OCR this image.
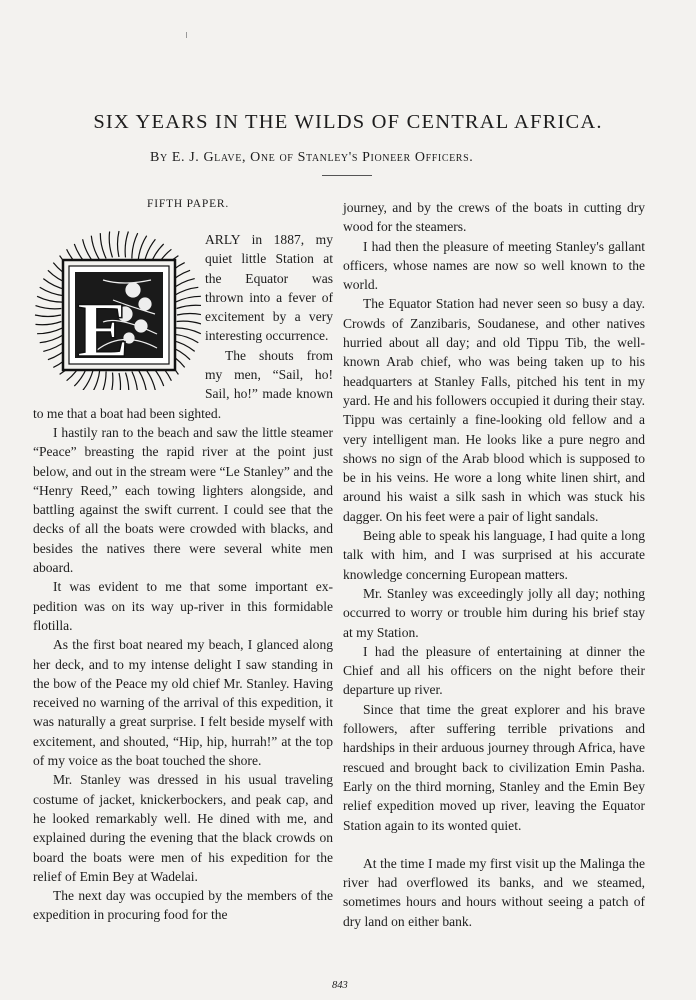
SIX YEARS IN THE WILDS OF CENTRAL AFRICA.
By E. J. Glave, One of Stanley's Pioneer Officers.
FIFTH PAPER.
E

ARLY in 1887, my quiet little Station at the Equator was thrown into a fever of excitement by a very interesting occurrence.

The shouts from my men, “Sail, ho! Sail, ho!” made known to me that a boat had been sighted.

I hastily ran to the beach and saw the little steamer “Peace” breasting the rapid river at the point just below, and out in the stream were “Le Stanley” and the “Henry Reed,” each towing lighters alongside, and battling against the swift current. I could see that the decks of all the boats were crowded with blacks, and besides the natives there were several white men aboard.

It was evident to me that some important expedition was on its way up-river in this formidable flotilla.

As the first boat neared my beach, I glanced along her deck, and to my intense delight I saw standing in the bow of the Peace my old chief Mr. Stanley. Having received no warning of the arrival of this expedition, it was naturally a great surprise. I felt beside myself with excitement, and shouted, “Hip, hip, hurrah!” at the top of my voice as the boat touched the shore.

Mr. Stanley was dressed in his usual traveling costume of jacket, knickerbockers, and peak cap, and he looked remarkably well. He dined with me, and explained during the evening that the black crowds on board the boats were men of his expedition for the relief of Emin Bey at Wadelai.

The next day was occupied by the members of the expedition in procuring food for the

journey, and by the crews of the boats in cutting dry wood for the steamers.

I had then the pleasure of meeting Stanley's gallant officers, whose names are now so well known to the world.

The Equator Station had never seen so busy a day. Crowds of Zanzibaris, Soudanese, and other natives hurried about all day; and old Tippu Tib, the well-known Arab chief, who was being taken up to his headquarters at Stanley Falls, pitched his tent in my yard. He and his followers occupied it during their stay. Tippu was certainly a fine-looking old fellow and a very intelligent man. He looks like a pure negro and shows no sign of the Arab blood which is supposed to be in his veins. He wore a long white linen shirt, and around his waist a silk sash in which was stuck his dagger. On his feet were a pair of light sandals.

Being able to speak his language, I had quite a long talk with him, and I was surprised at his accurate knowledge concerning European matters.

Mr. Stanley was exceedingly jolly all day; nothing occurred to worry or trouble him during his brief stay at my Station.

I had the pleasure of entertaining at dinner the Chief and all his officers on the night before their departure up river.

Since that time the great explorer and his brave followers, after suffering terrible privations and hardships in their arduous journey through Africa, have rescued and brought back to civilization Emin Pasha. Early on the third morning, Stanley and the Emin Bey relief expedition moved up river, leaving the Equator Station again to its wonted quiet.

At the time I made my first visit up the Malinga the river had overflowed its banks, and we steamed, sometimes hours and hours without seeing a patch of dry land on either bank.

843
